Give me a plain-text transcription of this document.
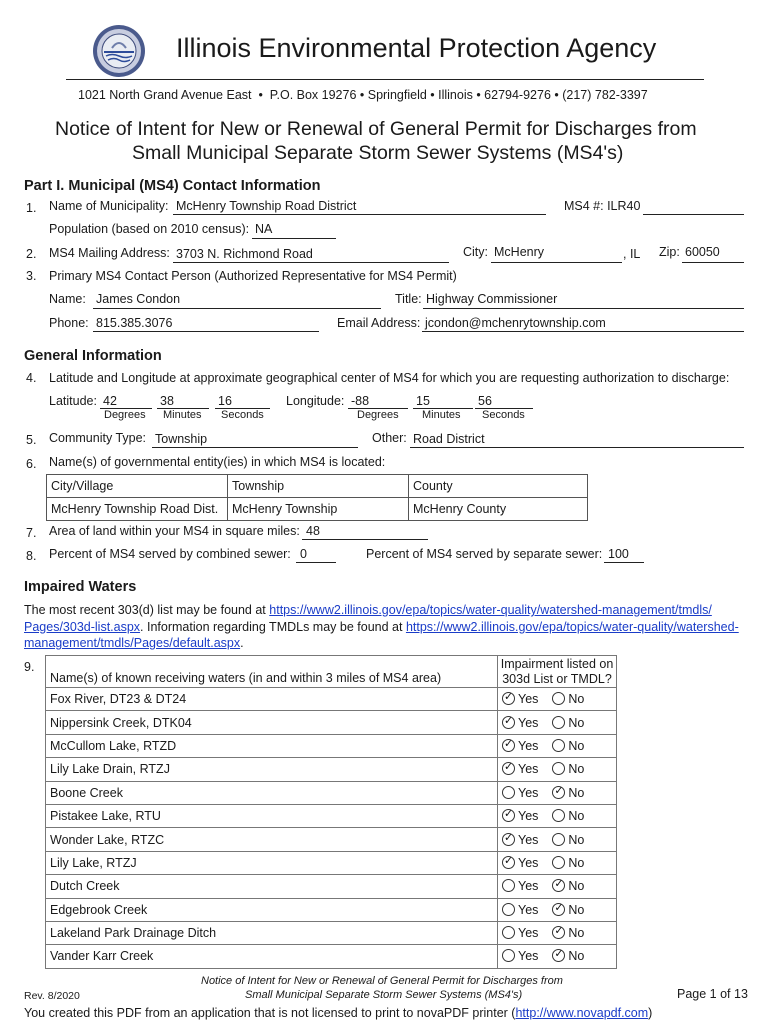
Illinois Environmental Protection Agency
1021 North Grand Avenue East  •  P.O. Box 19276 • Springfield • Illinois • 62794-9276 • (217) 782-3397
Notice of Intent for New or Renewal of General Permit for Discharges from
Small Municipal Separate Storm Sewer Systems (MS4's)
Part I. Municipal (MS4) Contact Information
1. Name of Municipality: McHenry Township Road District	MS4 #: ILR40
Population (based on 2010 census): NA
2. MS4 Mailing Address: 3703 N. Richmond Road	City: McHenry	, IL Zip: 60050
3. Primary MS4 Contact Person (Authorized Representative for MS4 Permit)
Name: James Condon	Title: Highway Commissioner
Phone: 815.385.3076	Email Address: jcondon@mchenrytownship.com
General Information
4. Latitude and Longitude at approximate geographical center of MS4 for which you are requesting authorization to discharge:
Latitude: 42	38	16
Degrees Minutes Seconds
Longitude: -88	15	56
Degrees Minutes Seconds
5. Community Type: Township	Other: Road District
6. Name(s) of governmental entity(ies) in which MS4 is located:
City/Village	Township	County
McHenry Township Road Dist.	McHenry Township	McHenry County
7. Area of land within your MS4 in square miles: 48
8. Percent of MS4 served by combined sewer: 0	Percent of MS4 served by separate sewer: 100
Impaired Waters
The most recent 303(d) list may be found at https://www2.illinois.gov/epa/topics/water-quality/watershed-management/tmdls/
Pages/303d-list.aspx. Information regarding TMDLs may be found at https://www2.illinois.gov/epa/topics/water-quality/watershed-
management/tmdls/Pages/default.aspx.
9.
Name(s) of known receiving waters (in and within 3 miles of MS4 area)	Impairment listed on
303d List or TMDL?

Fox River, DT23 & DT24	✓Yes No
Nippersink Creek, DTK04	✓Yes No
McCullom Lake, RTZD	✓Yes No
Lily Lake Drain, RTZJ	✓Yes No
Boone Creek	Yes ✓ No
Pistakee Lake, RTU	✓Yes No
Wonder Lake, RTZC	✓Yes No
Lily Lake, RTZJ	✓Yes No
Dutch Creek	Yes ✓ No
Edgebrook Creek	Yes ✓ No
Lakeland Park Drainage Ditch	Yes ✓ No
Vander Karr Creek	Yes ✓ No
Rev. 8/2020
Notice of Intent for New or Renewal of General Permit for Discharges from
Small Municipal Separate Storm Sewer Systems (MS4's)	Page 1 of 13
You created this PDF from an application that is not licensed to print to novaPDF printer (http://www.novapdf.com)
